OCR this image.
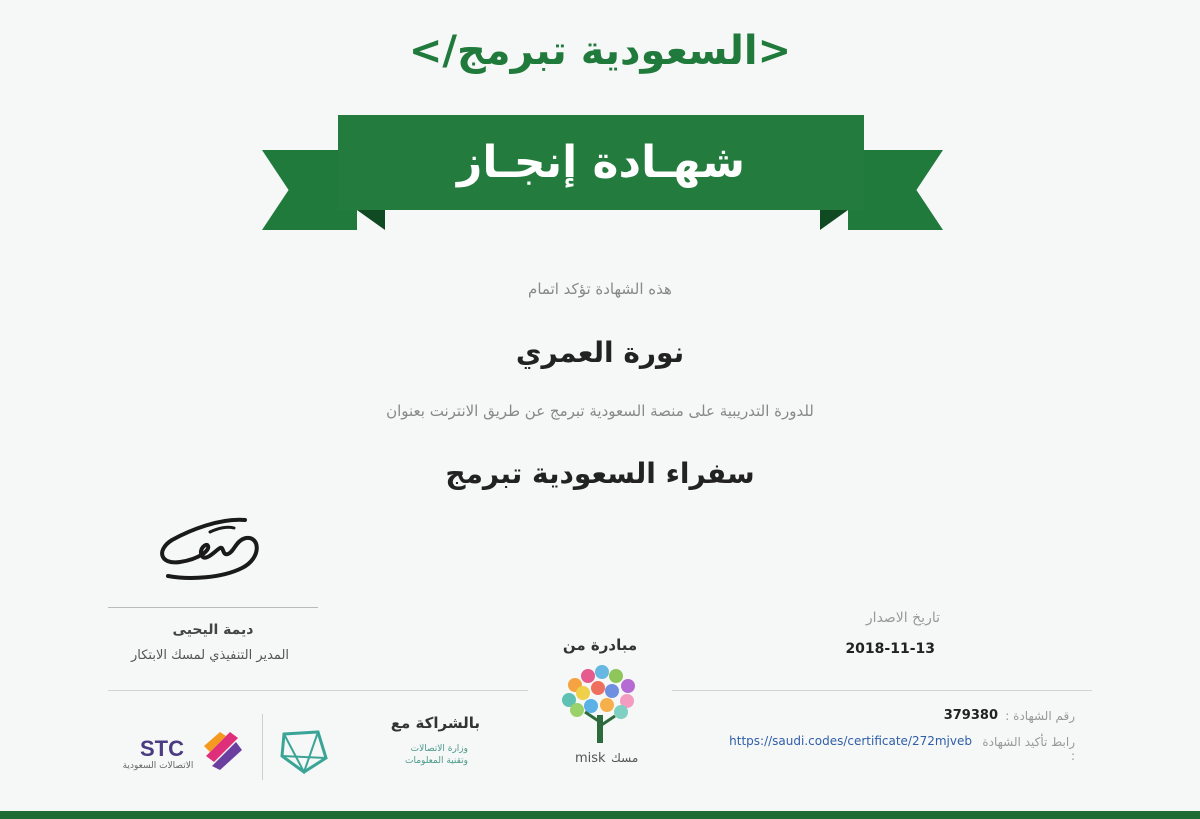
<السعودية تبرمج/>
شهـادة إنجـاز
هذه الشهادة تؤكد اتمام
نورة العمري
للدورة التدريبية على منصة السعودية تبرمج عن طريق الانترنت بعنوان
سفراء السعودية تبرمج
ديمة اليحيى
المدير التنفيذي لمسك الابتكار
مبادرة من
misk مسك
تاريخ الاصدار
2018-11-13
بالشراكة مع
وزارة الاتصالات
وتقنية المعلومات
STC
الاتصالات السعودية
رقم الشهادة :
379380
رابط تأكيد الشهادة :
https://saudi.codes/certificate/272mjveb
